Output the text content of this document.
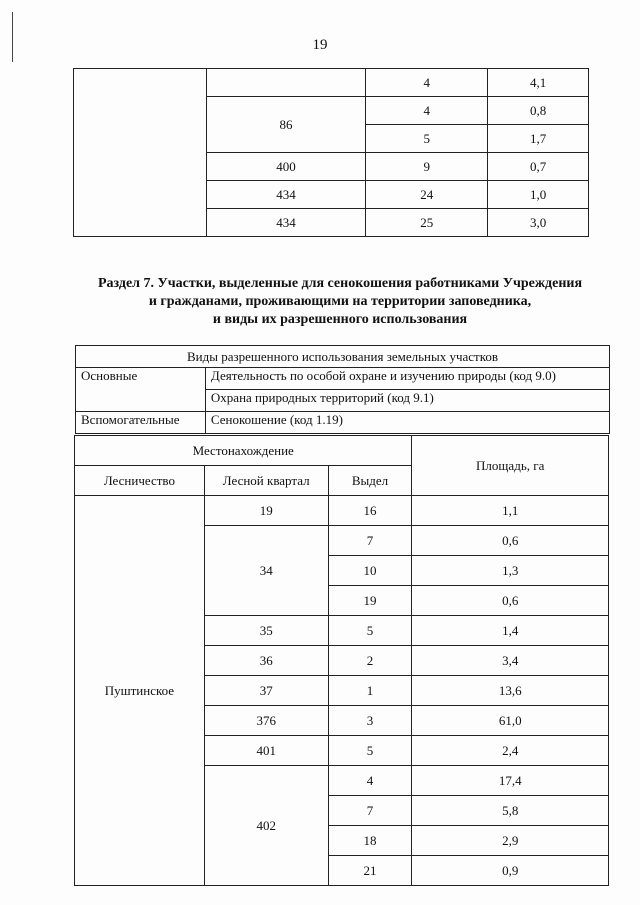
19
		4	4,1
	86	4	0,8
		5	1,7
	400	9	0,7
	434	24	1,0
	434	25	3,0
Раздел 7. Участки, выделенные для сенокошения работниками Учреждения
и гражданами, проживающими на территории заповедника,
и виды их разрешенного использования
Виды разрешенного использования земельных участков	
Основные	Деятельность по особой охране и изучению природы (код 9.0)
	Охрана природных территорий (код 9.1)
Вспомогательные	Сенокошение (код 1.19)
Местонахождение			Площадь, га
Лесничество	Лесной квартал	Выдел	
Пуштинское	19	16	1,1
	34	7	0,6
		10	1,3
		19	0,6
	35	5	1,4
	36	2	3,4
	37	1	13,6
	376	3	61,0
	401	5	2,4
	402	4	17,4
		7	5,8
		18	2,9
		21	0,9
